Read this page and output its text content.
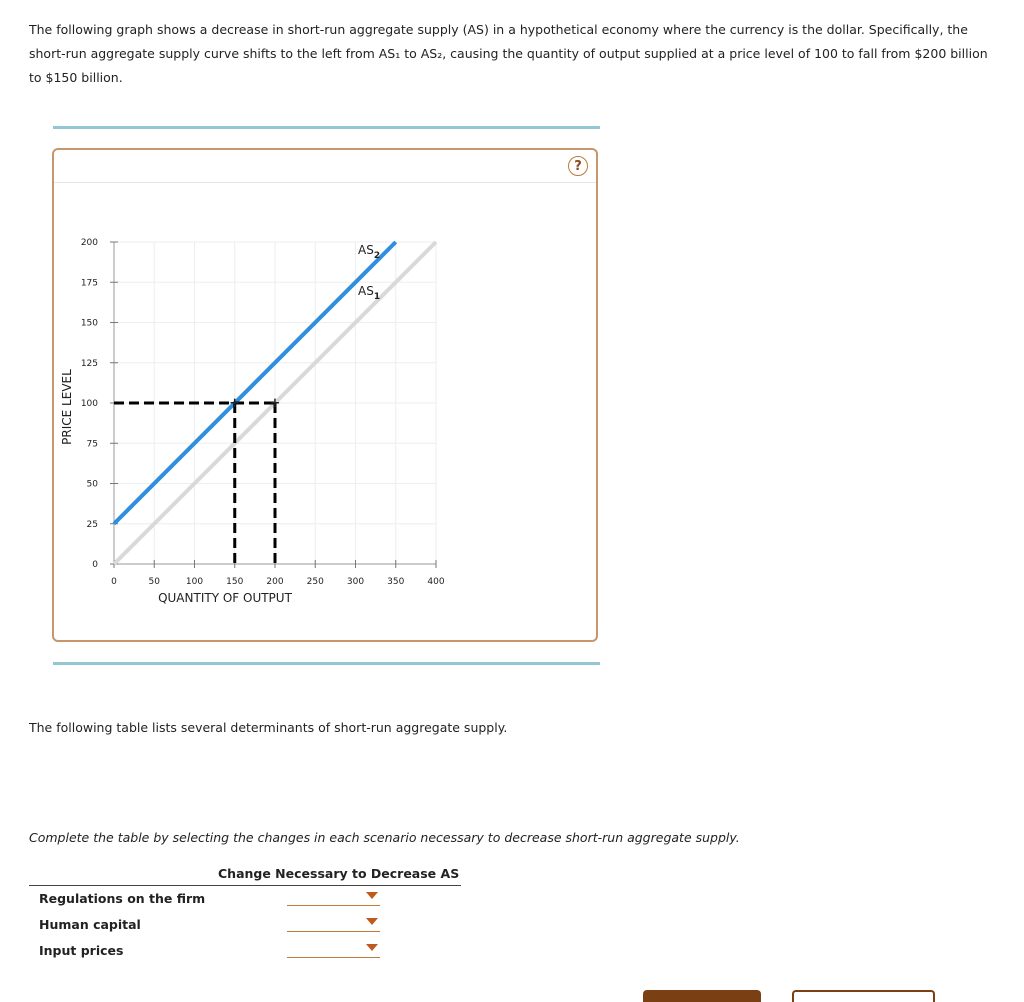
The following graph shows a decrease in short-run aggregate supply (AS) in a hypothetical economy where the currency is the dollar. Specifically, the short-run aggregate supply curve shifts to the left from AS₁ to AS₂, causing the quantity of output supplied at a price level of 100 to fall from $200 billion to $150 billion.
?
0	50	100	150	200	250	300	350	400
0
25
50
75
100
125
150
175
200
QUANTITY OF OUTPUT
PRICE LEVEL
$AS_1$
$AS_2$
+ +
The following table lists several determinants of short-run aggregate supply.
Complete the table by selecting the changes in each scenario necessary to decrease short-run aggregate supply.
Change Necessary to Decrease AS
Regulations on the firm
Human capital
Input prices
